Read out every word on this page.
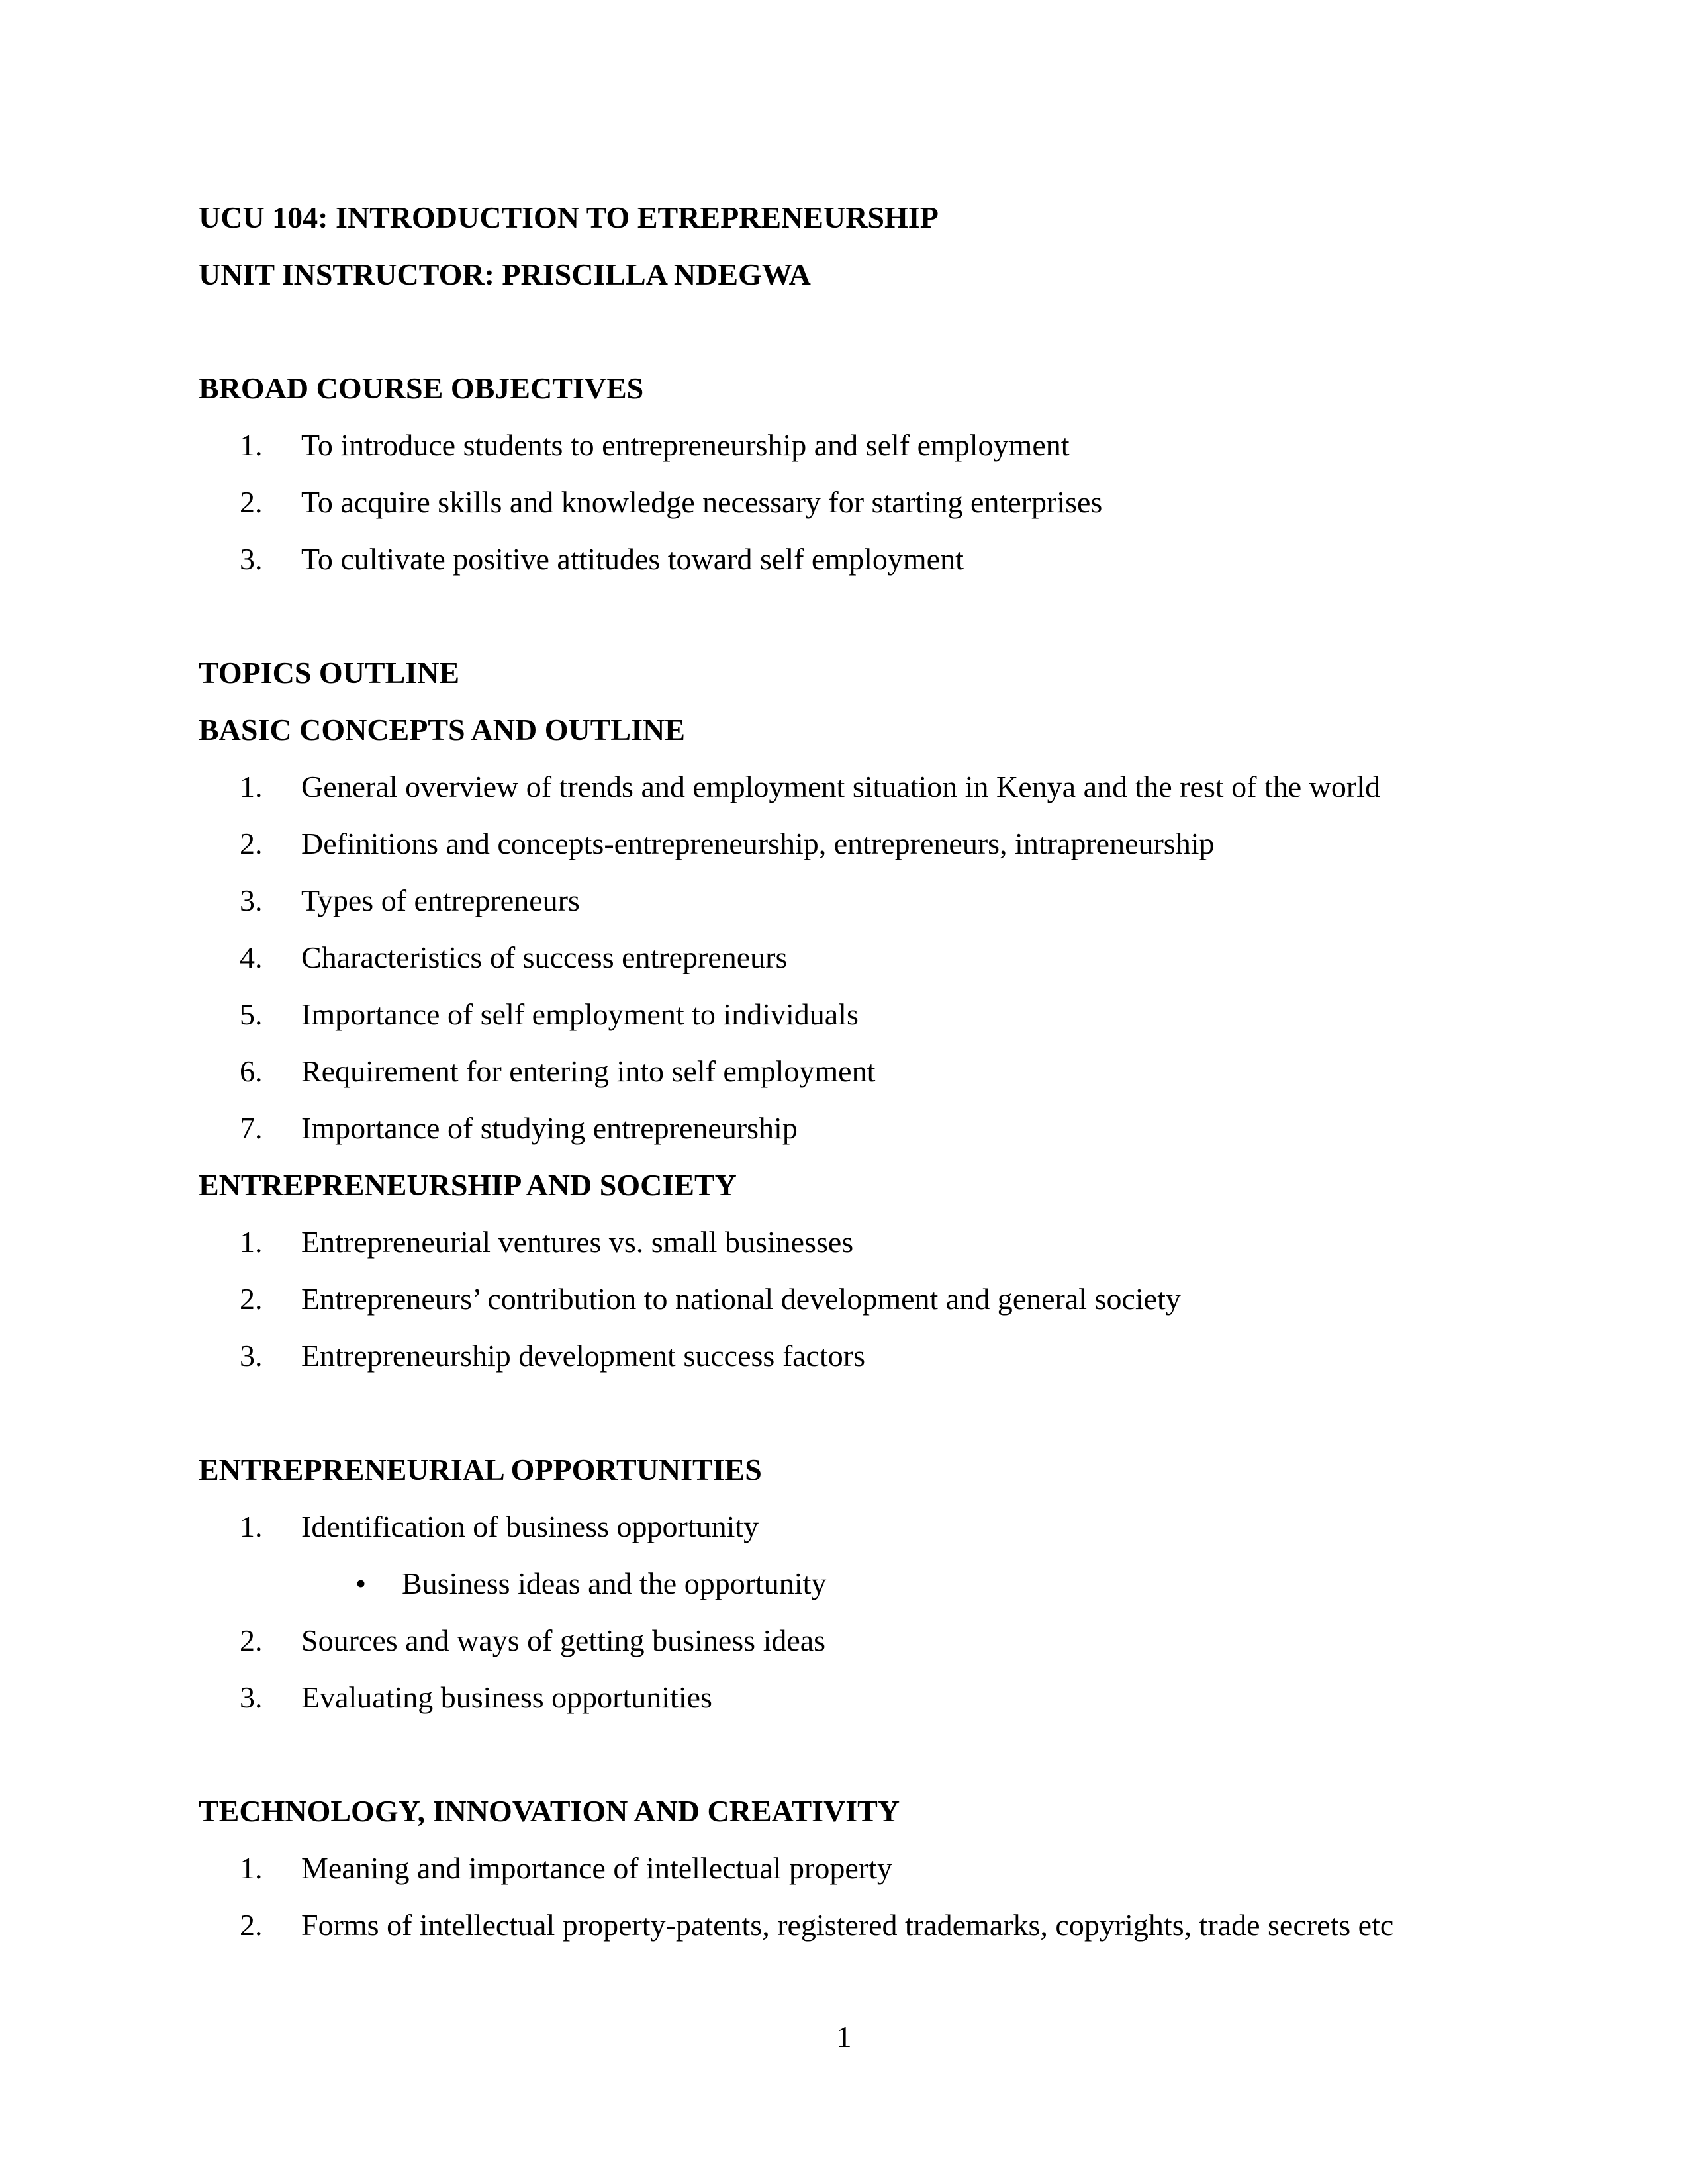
UCU 104: INTRODUCTION TO ETREPRENEURSHIP

UNIT INSTRUCTOR: PRISCILLA NDEGWA

BROAD COURSE OBJECTIVES

1. To introduce students to entrepreneurship and self employment

2. To acquire skills and knowledge necessary for starting enterprises

3. To cultivate positive attitudes toward self employment

TOPICS OUTLINE

BASIC CONCEPTS AND OUTLINE

1. General overview of trends and employment situation in Kenya and the rest of the world

2. Definitions and concepts-entrepreneurship, entrepreneurs, intrapreneurship

3. Types of entrepreneurs

4. Characteristics of success entrepreneurs

5. Importance of self employment to individuals

6. Requirement for entering into self employment

7. Importance of studying entrepreneurship

ENTREPRENEURSHIP AND SOCIETY

1. Entrepreneurial ventures vs. small businesses

2. Entrepreneurs’ contribution to national development and general society

3. Entrepreneurship development success factors

ENTREPRENEURIAL OPPORTUNITIES

1. Identification of business opportunity

• Business ideas and the opportunity

2. Sources and ways of getting business ideas

3. Evaluating business opportunities

TECHNOLOGY, INNOVATION AND CREATIVITY

1. Meaning and importance of intellectual property

2. Forms of intellectual property-patents, registered trademarks, copyrights, trade secrets etc

1
